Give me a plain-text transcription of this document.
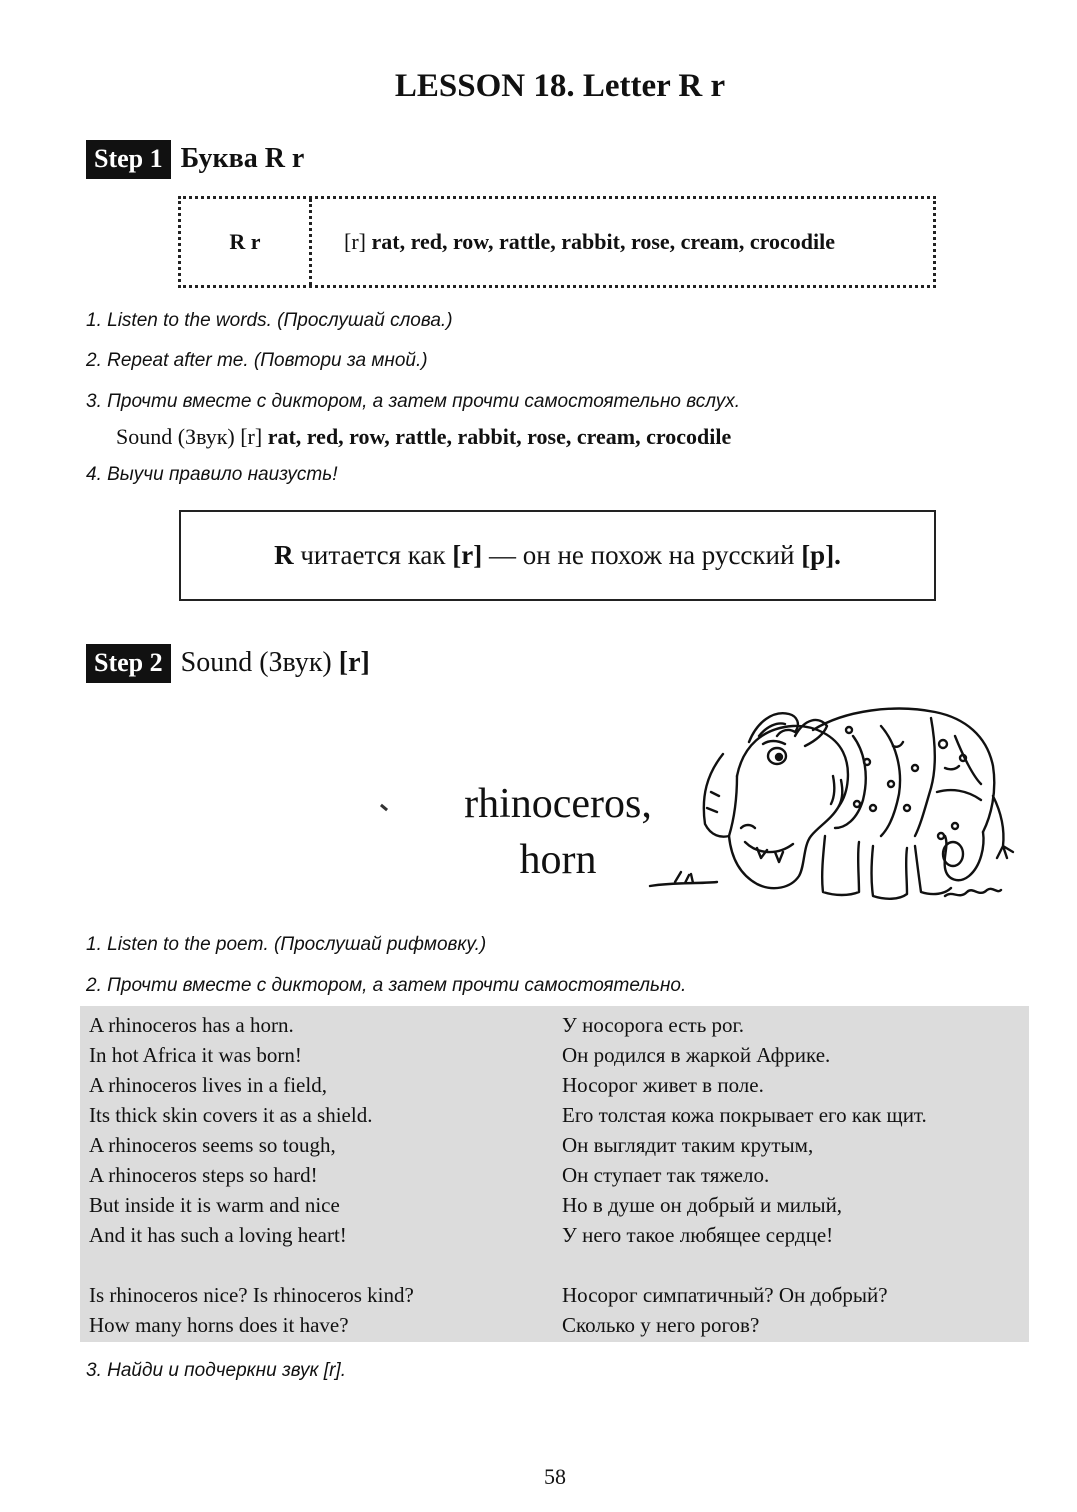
LESSON 18. Letter R r
Step 1 Буква R r
R r	[r]
rat, red, row, rattle, rabbit, rose, cream, crocodile
1. Listen to the words. (Прослушай слова.)
2. Repeat after me. (Повтори за мной.)
3. Прочти вместе с диктором, а затем прочти самостоятельно вслух.
Sound (Звук) [r] rat, red, row, rattle, rabbit, rose, cream, crocodile
4. Выучи правило наизусть!
R читается как [r] — он не похож на русский [p].
Step 2 Sound (Звук) [r]
rhinoceros,
horn
1. Listen to the poem. (Прослушай рифмовку.)
2. Прочти вместе с диктором, а затем прочти самостоятельно.
A rhinoceros has a horn.
In hot Africa it was born!
A rhinoceros lives in a field,
Its thick skin covers it as a shield.
A rhinoceros seems so tough,
A rhinoceros steps so hard!
But inside it is warm and nice
And it has such a loving heart!
У носорога есть рог.
Он родился в жаркой Африке.
Носорог живет в поле.
Его толстая кожа покрывает его как щит.
Он выглядит таким крутым,
Он ступает так тяжело.
Но в душе он добрый и милый,
У него такое любящее сердце!
Is rhinoceros nice? Is rhinoceros kind?
How many horns does it have?
Носорог симпатичный? Он добрый?
Сколько у него рогов?
3. Найди и подчеркни звук [r].
58
